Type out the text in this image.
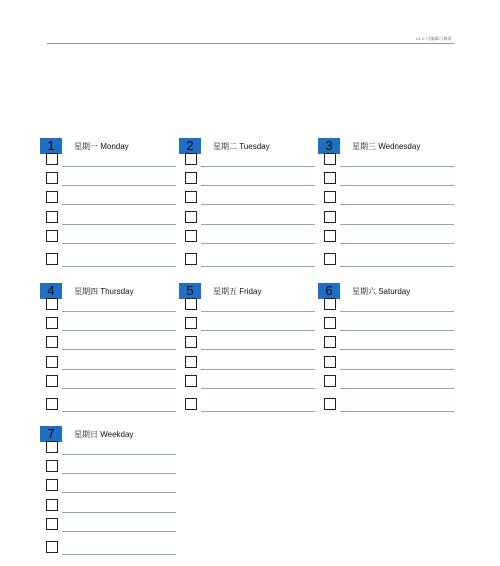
v1.0 可编辑可修改
1	星期一 Monday	2	星期二 Tuesday	3	星期三 Wednesday
4	星期四 Thursday	5	星期五 Friday	6	星期六 Saturday
7	星期日 Weekday
